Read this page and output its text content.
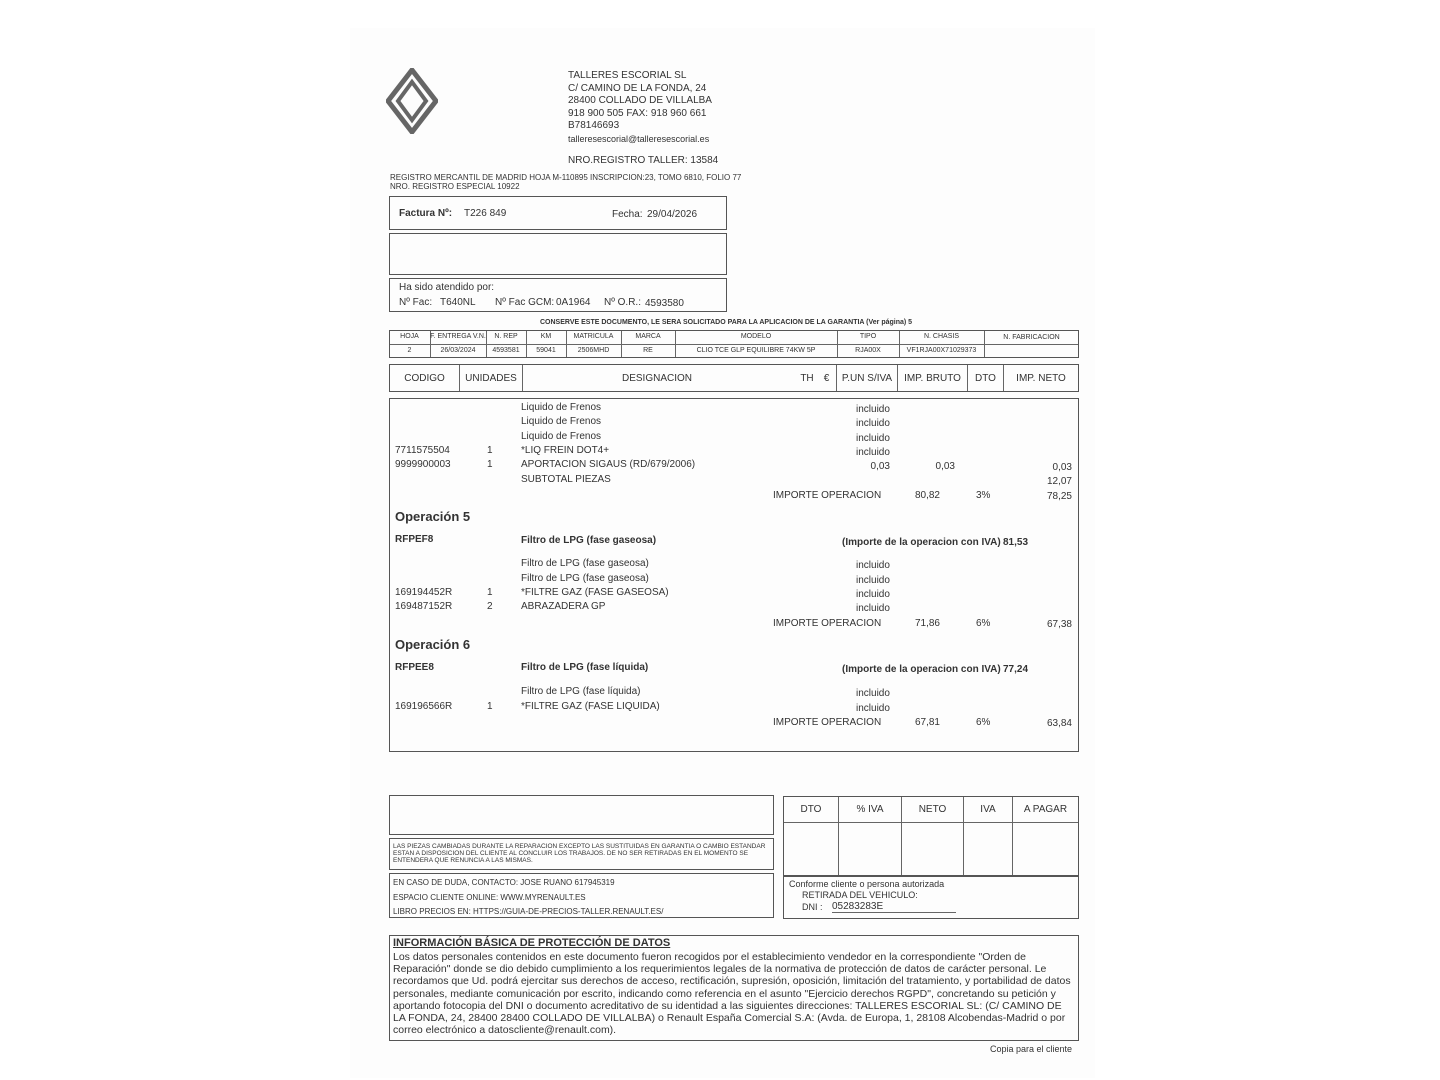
TALLERES ESCORIAL SL
C/ CAMINO DE LA FONDA, 24
28400 COLLADO DE VILLALBA
918 900 505 FAX: 918 960 661
B78146693
talleresescorial@talleresescorial.es
NRO.REGISTRO TALLER: 13584
REGISTRO MERCANTIL DE MADRID HOJA M-110895 INSCRIPCION:23, TOMO 6810, FOLIO 77
NRO. REGISTRO ESPECIAL 10922
Factura Nº: T226 849	Fecha: 29/04/2026
Ha sido atendido por:
Nº Fac: T640NL Nº Fac GCM: 0A1964 Nº O.R.: 4593580
CONSERVE ESTE DOCUMENTO, LE SERA SOLICITADO PARA LA APLICACION DE LA GARANTIA (Ver página) 5
HOJA	F. ENTREGA V.N.	N. REP	KM	MATRICULA	MARCA	MODELO	TIPO	N. CHASIS	N. FABRICACION
2	26/03/2024	4593581	59041	2506MHD	RE	CLIO TCE GLP EQUILIBRE 74KW 5P	RJA00X	VF1RJA00X71029373
CODIGO	UNIDADES	DESIGNACION	TH	€	P.UN S/IVA	IMP. BRUTO	DTO	IMP. NETO
Liquido de Frenos	incluido
Liquido de Frenos	incluido
Liquido de Frenos	incluido
7711575504	1	*LIQ FREIN DOT4+	incluido
9999900003	1	APORTACION SIGAUS (RD/679/2006)	0,03	0,03	0,03
SUBTOTAL PIEZAS	12,07
IMPORTE OPERACION	80,82	3%	78,25
Operación 5
RFPEF8	Filtro de LPG (fase gaseosa)	(Importe de la operacion con IVA) 81,53
Filtro de LPG (fase gaseosa)	incluido
Filtro de LPG (fase gaseosa)	incluido
169194452R	1	*FILTRE GAZ (FASE GASEOSA)	incluido
169487152R	2	ABRAZADERA GP	incluido
IMPORTE OPERACION	71,86	6%	67,38
Operación 6
RFPEE8	Filtro de LPG (fase líquida)	(Importe de la operacion con IVA) 77,24
Filtro de LPG (fase líquida)	incluido
169196566R	1	*FILTRE GAZ (FASE LIQUIDA)	incluido
IMPORTE OPERACION	67,81	6%	63,84
LAS PIEZAS CAMBIADAS DURANTE LA REPARACION EXCEPTO LAS SUSTITUIDAS EN GARANTIA O CAMBIO ESTANDAR ESTAN A DISPOSICION DEL CLIENTE AL CONCLUIR LOS TRABAJOS. DE NO SER RETIRADAS EN EL MOMENTO SE ENTENDERA QUE RENUNCIA A LAS MISMAS.
EN CASO DE DUDA, CONTACTO: JOSE RUANO 617945319
ESPACIO CLIENTE ONLINE: WWW.MYRENAULT.ES
LIBRO PRECIOS EN: HTTPS://GUIA-DE-PRECIOS-TALLER.RENAULT.ES/
DTO	% IVA	NETO	IVA	A PAGAR
Conforme cliente o persona autorizada
RETIRADA DEL VEHICULO:
DNI : 05283283E
INFORMACIÓN BÁSICA DE PROTECCIÓN DE DATOS
Los datos personales contenidos en este documento fueron recogidos por el establecimiento vendedor en la correspondiente "Orden de Reparación" donde se dio debido cumplimiento a los requerimientos legales de la normativa de protección de datos de carácter personal. Le recordamos que Ud. podrá ejercitar sus derechos de acceso, rectificación, supresión, oposición, limitación del tratamiento, y portabilidad de datos personales, mediante comunicación por escrito, indicando como referencia en el asunto "Ejercicio derechos RGPD", concretando su petición y aportando fotocopia del DNI o documento acreditativo de su identidad a las siguientes direcciones: TALLERES ESCORIAL SL: (C/ CAMINO DE LA FONDA, 24, 28400 28400 COLLADO DE VILLALBA) o Renault España Comercial S.A: (Avda. de Europa, 1, 28108 Alcobendas-Madrid o por correo electrónico a datoscliente@renault.com).
Copia para el cliente
